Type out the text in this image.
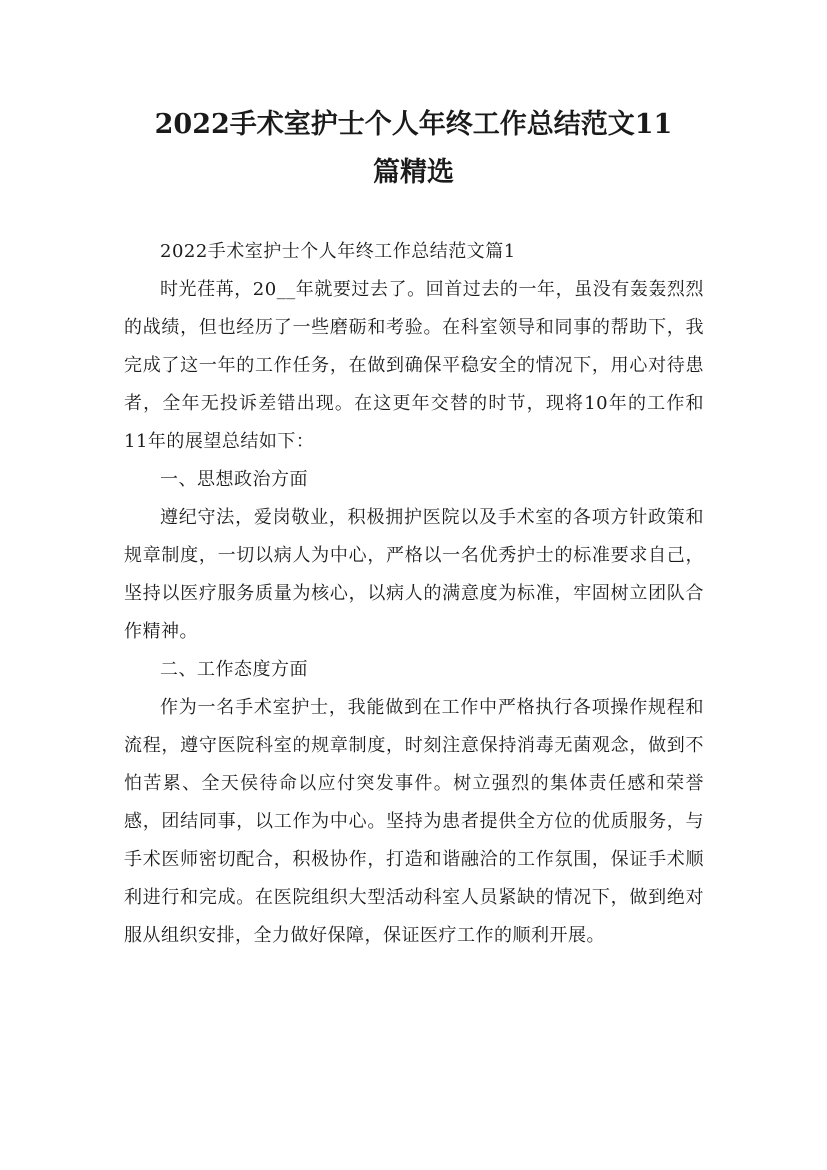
2022手术室护士个人年终工作总结范文11
篇精选

2022手术室护士个人年终工作总结范文篇1

时光荏苒，20__年就要过去了。回首过去的一年，虽没有轰轰烈烈的战绩，但也经历了一些磨砺和考验。在科室领导和同事的帮助下，我完成了这一年的工作任务，在做到确保平稳安全的情况下，用心对待患者，全年无投诉差错出现。在这更年交替的时节，现将10年的工作和11年的展望总结如下：

一、思想政治方面

遵纪守法，爱岗敬业，积极拥护医院以及手术室的各项方针政策和规章制度，一切以病人为中心，严格以一名优秀护士的标准要求自己，坚持以医疗服务质量为核心，以病人的满意度为标准，牢固树立团队合作精神。

二、工作态度方面

作为一名手术室护士，我能做到在工作中严格执行各项操作规程和流程，遵守医院科室的规章制度，时刻注意保持消毒无菌观念，做到不怕苦累、全天侯待命以应付突发事件。树立强烈的集体责任感和荣誉感，团结同事，以工作为中心。坚持为患者提供全方位的优质服务，与手术医师密切配合，积极协作，打造和谐融洽的工作氛围，保证手术顺利进行和完成。在医院组织大型活动科室人员紧缺的情况下，做到绝对服从组织安排，全力做好保障，保证医疗工作的顺利开展。
